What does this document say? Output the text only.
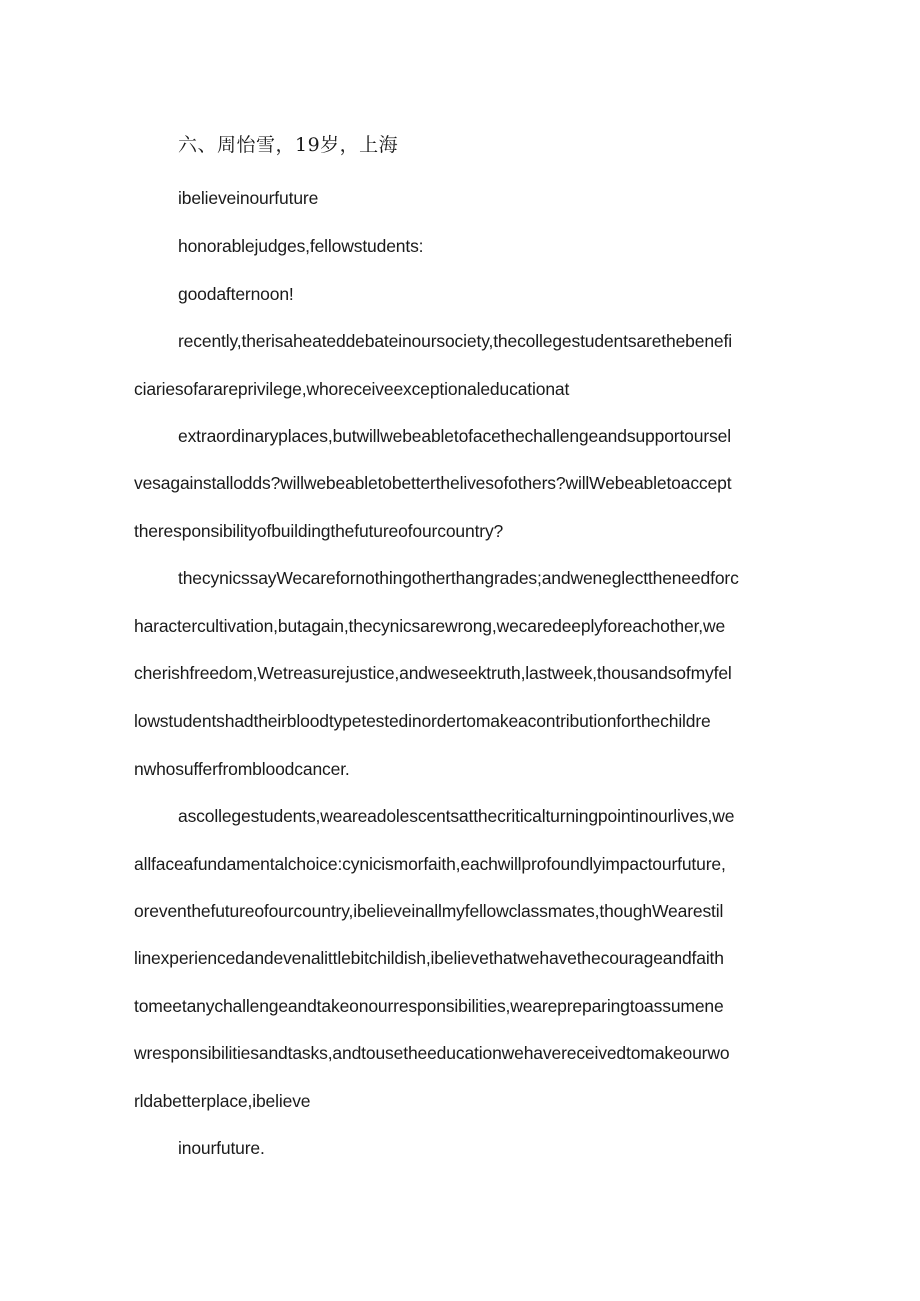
六、周怡雪，19岁，上海
ibelieveinourfuture
honorablejudges,fellowstudents:
goodafternoon!
recently,therisaheateddebateinoursociety,thecollegestudentsarethebenefi
ciariesofarareprivilege,whoreceiveexceptionaleducationat
extraordinaryplaces,butwillwebeabletofacethechallengeandsupportoursel
vesagainstallodds?willwebeabletobetterthelivesofothers?willWebeabletoaccept
theresponsibilityofbuildingthefutureofourcountry?
thecynicssayWecarefornothingotherthangrades;andweneglecttheneedforc
haractercultivation,butagain,thecynicsarewrong,wecaredeeplyforeachother,we
cherishfreedom,Wetreasurejustice,andweseektruth,lastweek,thousandsofmyfel
lowstudentshadtheirbloodtypetestedinordertomakeacontributionforthechildre
nwhosufferfrombloodcancer.
ascollegestudents,weareadolescentsatthecriticalturningpointinourlives,we
allfaceafundamentalchoice:cynicismorfaith,eachwillprofoundlyimpactourfuture,
oreventhefutureofourcountry,ibelieveinallmyfellowclassmates,thoughWearestil
linexperiencedandevenalittlebitchildish,ibelievethatwehavethecourageandfaith
tomeetanychallengeandtakeonourresponsibilities,wearepreparingtoassumene
wresponsibilitiesandtasks,andtousetheeducationwehavereceivedtomakeourwo
rldabetterplace,ibelieve
inourfuture.
